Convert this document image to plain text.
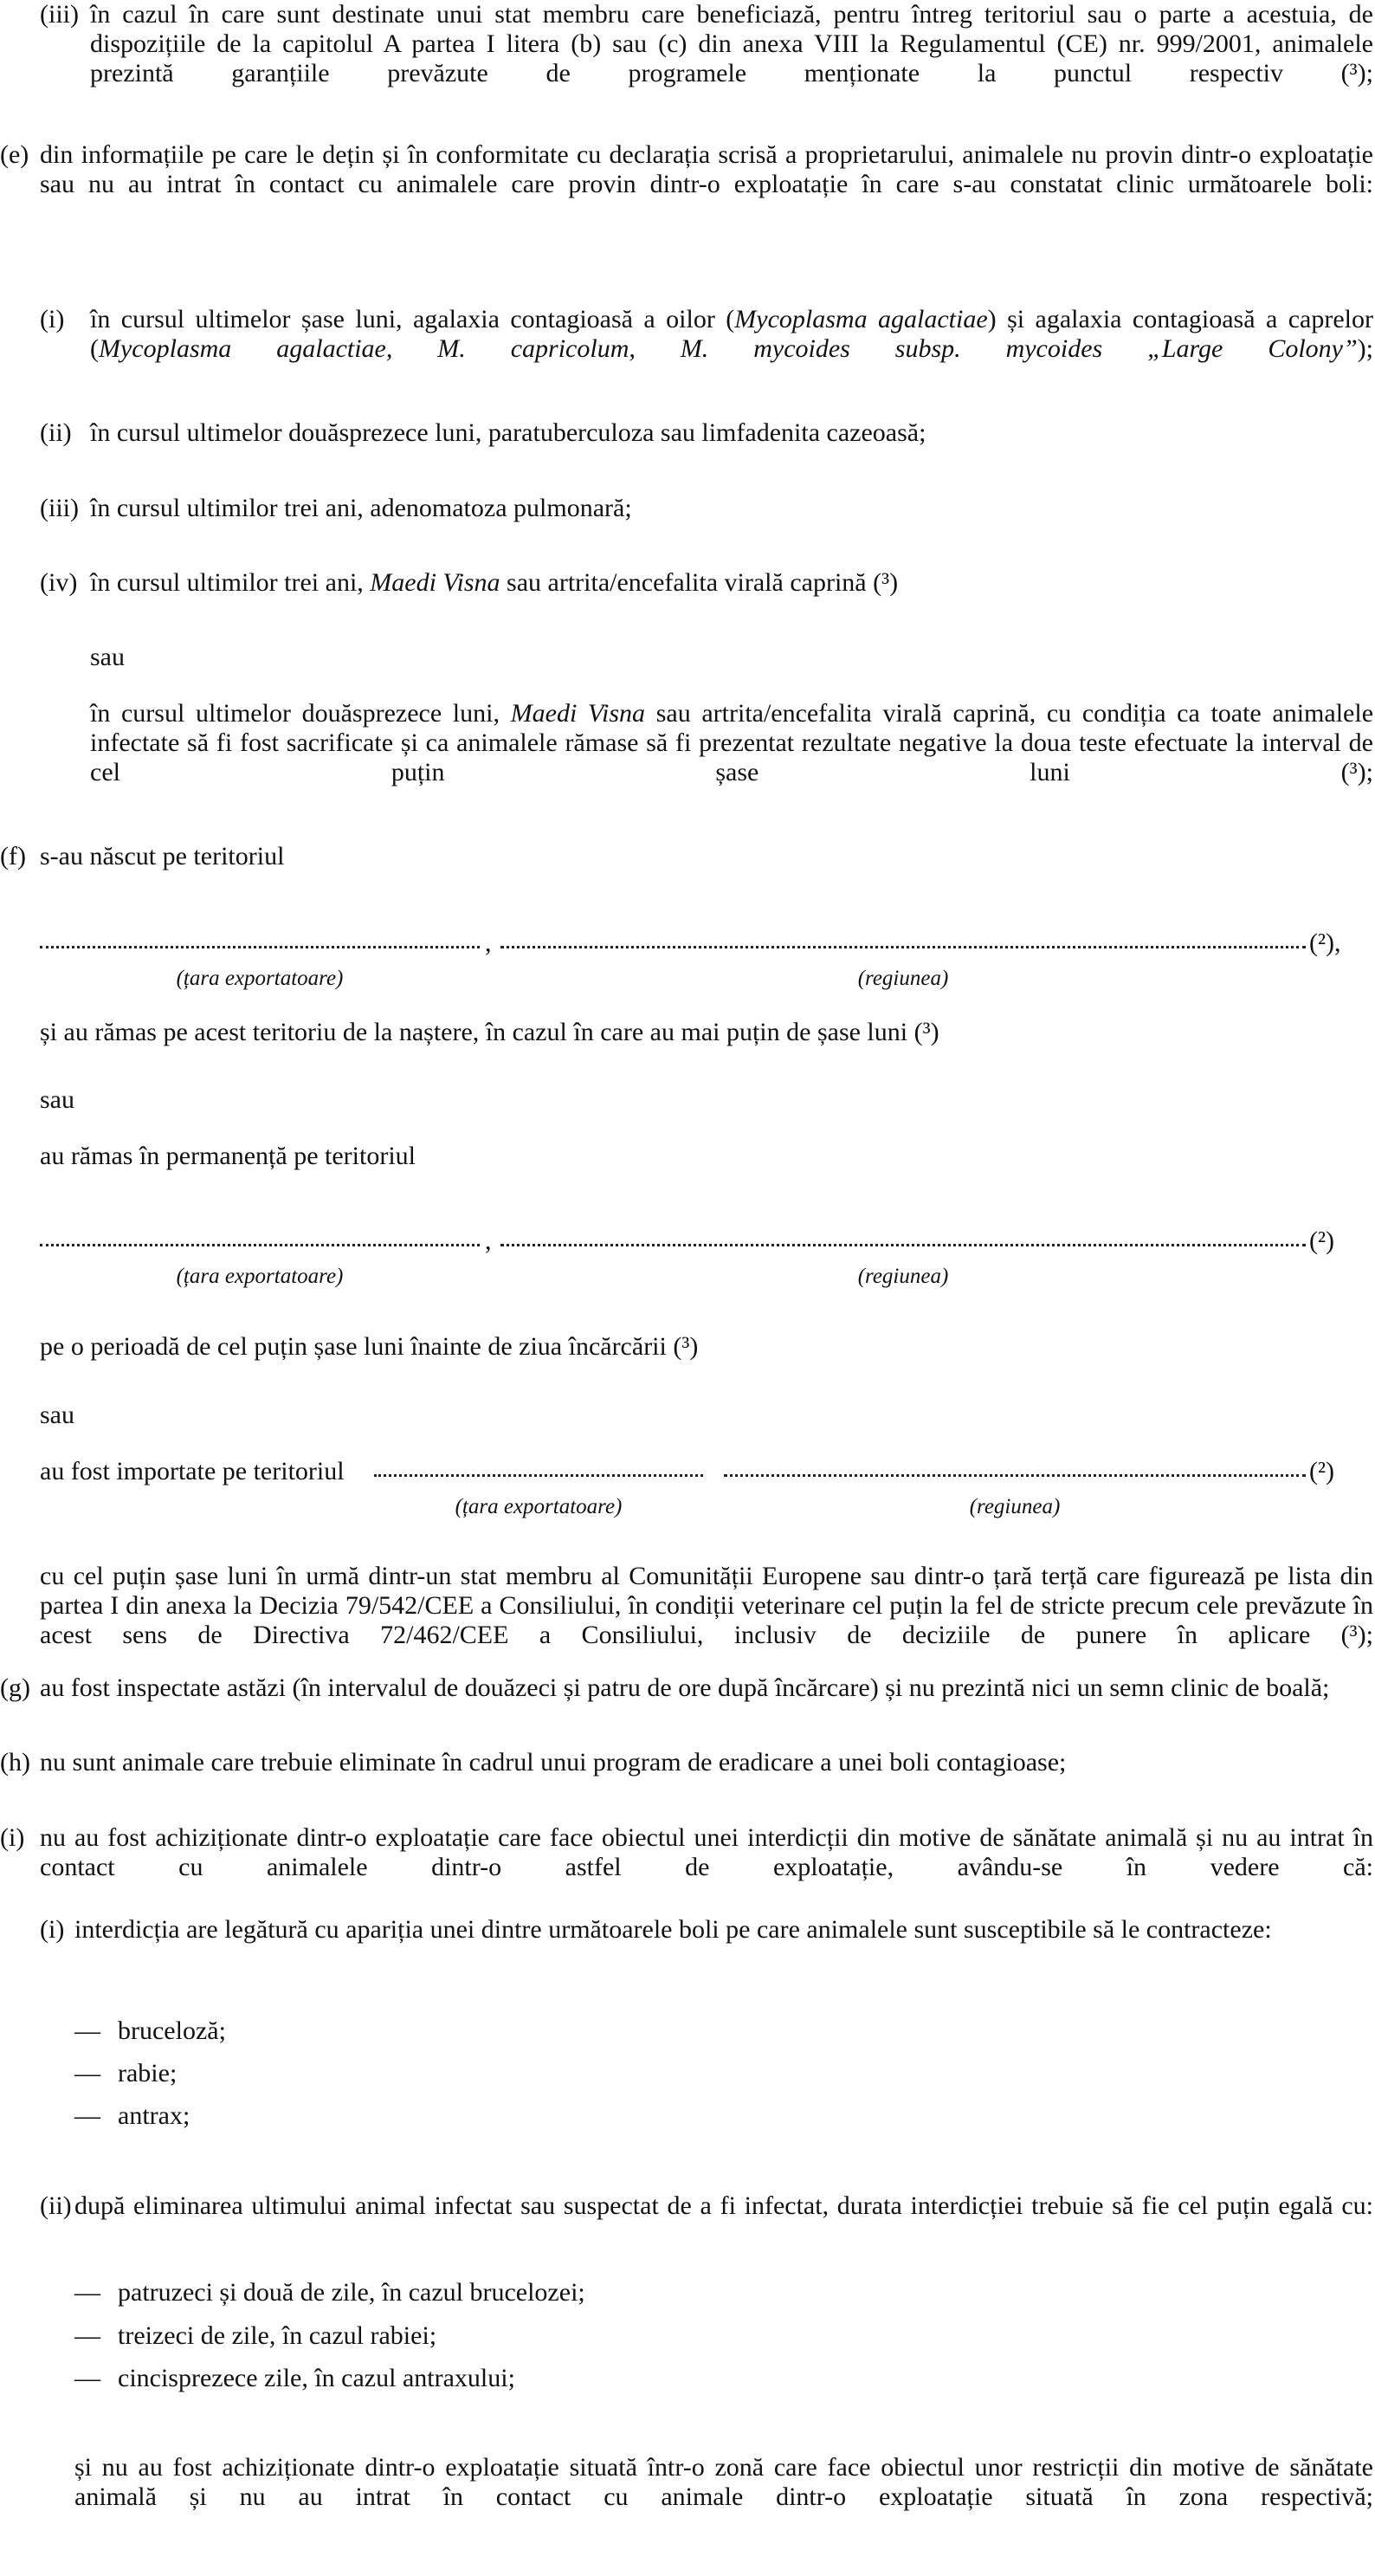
(iii) în cazul în care sunt destinate unui stat membru care beneficiază, pentru întreg teritoriul sau o parte a acestuia, de dispozițiile de la capitolul A partea I litera (b) sau (c) din anexa VIII la Regulamentul (CE) nr. 999/2001, animalele prezintă garanțiile prevăzute de programele menționate la punctul respectiv (³);
(e) din informațiile pe care le dețin și în conformitate cu declarația scrisă a proprietarului, animalele nu provin dintr-o exploatație sau nu au intrat în contact cu animalele care provin dintr-o exploatație în care s-au constatat clinic următoarele boli:
(i) în cursul ultimelor șase luni, agalaxia contagioasă a oilor (Mycoplasma agalactiae) și agalaxia contagioasă a caprelor (Mycoplasma agalactiae, M. capricolum, M. mycoides subsp. mycoides „Large Colony”);
(ii) în cursul ultimelor douăsprezece luni, paratuberculoza sau limfadenita cazeoasă;
(iii) în cursul ultimilor trei ani, adenomatoza pulmonară;
(iv) în cursul ultimilor trei ani, Maedi Visna sau artrita/encefalita virală caprină (³)
sau
în cursul ultimelor douăsprezece luni, Maedi Visna sau artrita/encefalita virală caprină, cu condiția ca toate animalele infectate să fi fost sacrificate și ca animalele rămase să fi prezentat rezultate negative la doua teste efectuate la interval de cel puțin șase luni (³);
(f) s-au născut pe teritoriul
,	(²),
(țara exportatoare)	(regiunea)
și au rămas pe acest teritoriu de la naștere, în cazul în care au mai puțin de șase luni (³)
sau
au rămas în permanență pe teritoriul
,	(²)
(țara exportatoare)	(regiunea)
pe o perioadă de cel puțin șase luni înainte de ziua încărcării (³)
sau
au fost importate pe teritoriul	(²)
(țara exportatoare)	(regiunea)
cu cel puțin șase luni în urmă dintr-un stat membru al Comunității Europene sau dintr-o țară terță care figurează pe lista din partea I din anexa la Decizia 79/542/CEE a Consiliului, în condiții veterinare cel puțin la fel de stricte precum cele prevăzute în acest sens de Directiva 72/462/CEE a Consiliului, inclusiv de deciziile de punere în aplicare (³);
(g) au fost inspectate astăzi (în intervalul de douăzeci și patru de ore după încărcare) și nu prezintă nici un semn clinic de boală;
(h) nu sunt animale care trebuie eliminate în cadrul unui program de eradicare a unei boli contagioase;
(i) nu au fost achiziționate dintr-o exploatație care face obiectul unei interdicții din motive de sănătate animală și nu au intrat în contact cu animalele dintr-o astfel de exploatație, avându-se în vedere că:
(i) interdicția are legătură cu apariția unei dintre următoarele boli pe care animalele sunt susceptibile să le contracteze:
— bruceloză;
— rabie;
— antrax;
(ii) după eliminarea ultimului animal infectat sau suspectat de a fi infectat, durata interdicției trebuie să fie cel puțin egală cu:
— patruzeci și două de zile, în cazul brucelozei;
— treizeci de zile, în cazul rabiei;
— cincisprezece zile, în cazul antraxului;
și nu au fost achiziționate dintr-o exploatație situată într-o zonă care face obiectul unor restricții din motive de sănătate animală și nu au intrat în contact cu animale dintr-o exploatație situată în zona respectivă;
